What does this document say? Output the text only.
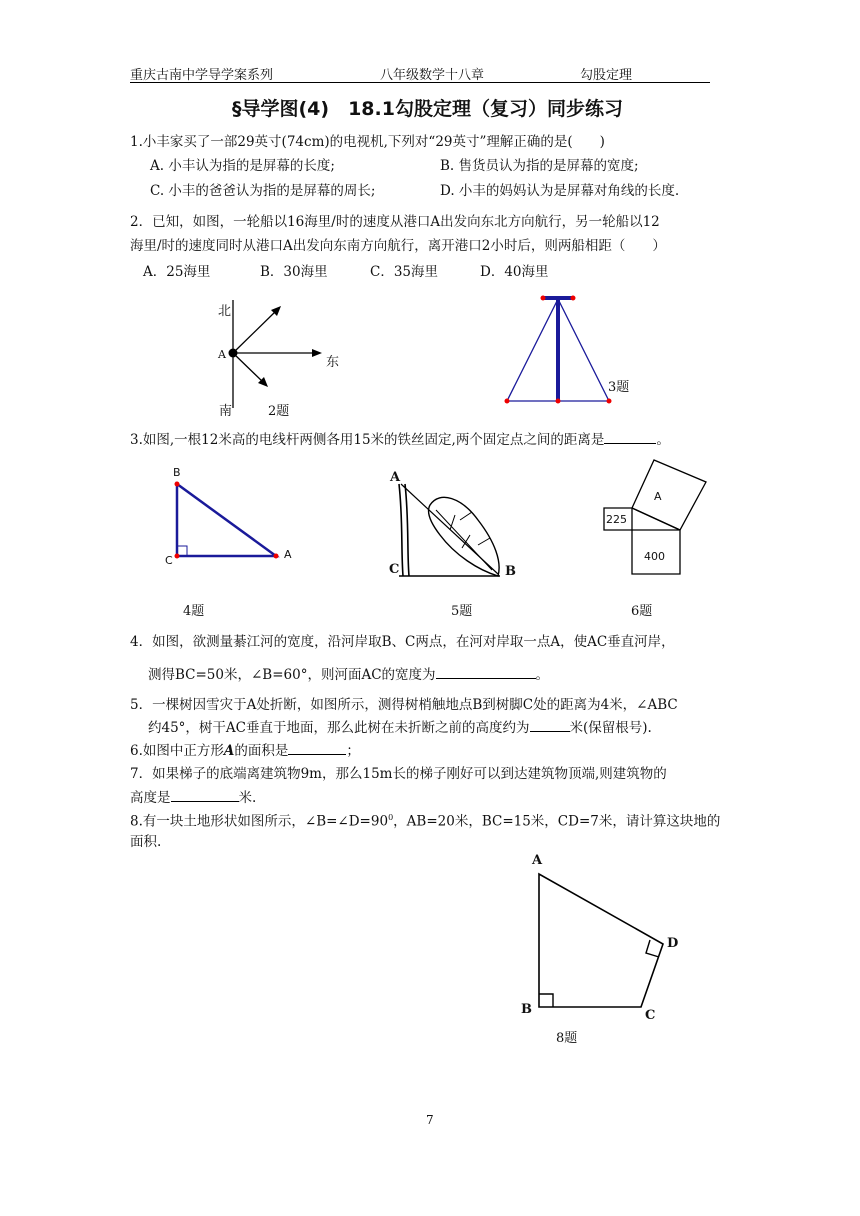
重庆古南中学导学案系列	八年级数学十八章	勾股定理
§导学图(4)　18.1勾股定理（复习）同步练习
1.小丰家买了一部29英寸(74cm)的电视机,下列对“29英寸”理解正确的是(　　)
A. 小丰认为指的是屏幕的长度;	B. 售货员认为指的是屏幕的宽度;
C. 小丰的爸爸认为指的是屏幕的周长;	D. 小丰的妈妈认为是屏幕对角线的长度.
2．已知，如图，一轮船以16海里/时的速度从港口A出发向东北方向航行，另一轮船以12
海里/时的速度同时从港口A出发向东南方向航行，离开港口2小时后，则两船相距（　　）
A．25海里	B．30海里	C．35海里	D．40海里
北
东
南
A
2题
3题
3.如图,一根12米高的电线杆两侧各用15米的铁丝固定,两个固定点之间的距离是	。
B
C	A
4题
A
C	B
5题
A
225
400
6题
4．如图，欲测量綦江河的宽度，沿河岸取B、C两点，在河对岸取一点A，使AC垂直河岸，
测得BC=50米，∠B=60°，则河面AC的宽度为	。
5．一棵树因雪灾于A处折断，如图所示，测得树梢触地点B到树脚C处的距离为4米，∠ABC
约45°，树干AC垂直于地面，那么此树在未折断之前的高度约为	米(保留根号).
6.如图中正方形A的面积是	；
7．如果梯子的底端离建筑物9m，那么15m长的梯子刚好可以到达建筑物顶端,则建筑物的
高度是	米.
8.有一块土地形状如图所示，$\angle B=\angle D=90^0$，AB=20米，BC=15米，CD=7米，请计算这块地的
面积.
A
B	C
D
8题
7
